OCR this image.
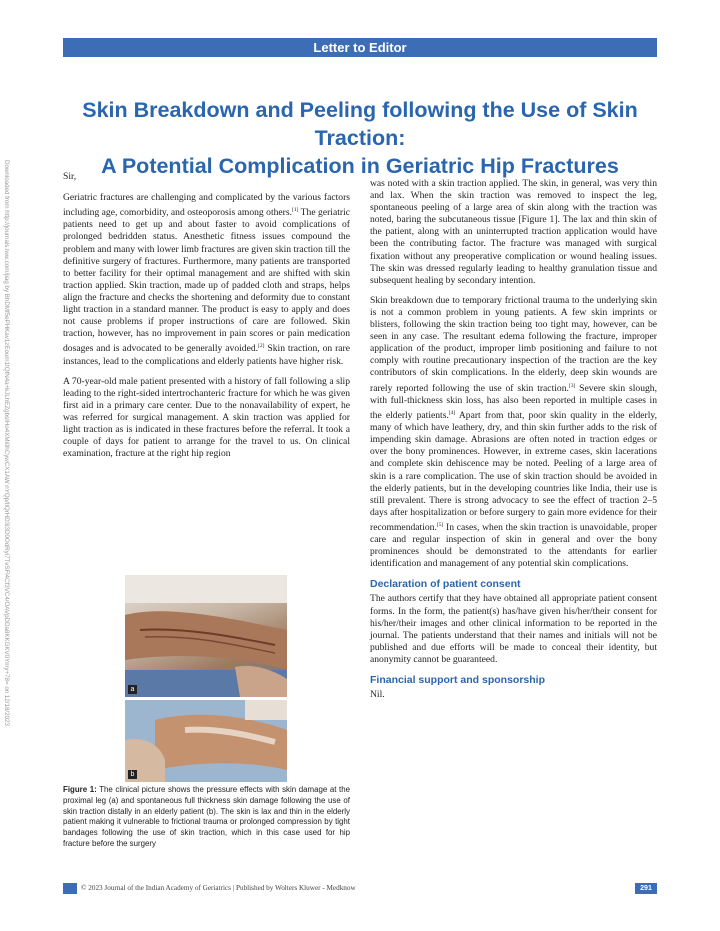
Letter to Editor
Skin Breakdown and Peeling following the Use of Skin Traction:
A Potential Complication in Geriatric Hip Fractures
Downloaded from http://journals.lww.com/jiag by BhDMf5ePHKav1zEoum1tQfN4a+kJLhEZgbsIHo4XMi0hCywCX1AW nYQp/IlQrHD3i3D0OdRyi7TvSFl4Cf3VC4/OAVpDDa8KKGKV0Ymy+78= on 12/18/2023	Sir,

Geriatric fractures are challenging and complicated by the various factors including age, comorbidity, and osteoporosis among others.[1] The geriatric patients need to get up and about faster to avoid complications of prolonged bedridden status. Anesthetic fitness issues compound the problem and many with lower limb fractures are given skin traction till the definitive surgery of fractures. Furthermore, many patients are transported to better facility for their optimal management and are shifted with skin traction applied. Skin traction, made up of padded cloth and straps, helps align the fracture and checks the shortening and deformity due to constant light traction in a standard manner. The product is easy to apply and does not cause problems if proper instructions of care are followed. Skin traction, however, has no improvement in pain scores or pain medication dosages and is advocated to be generally avoided.[2] Skin traction, on rare instances, lead to the complications and elderly patients have higher risk.

A 70-year-old male patient presented with a history of fall following a slip leading to the right-sided intertrochanteric fracture for which he was given first aid in a primary care center. Due to the nonavailability of expert, he was referred for surgical management. A skin traction was applied for light traction as is indicated in these fractures before the referral. It took a couple of days for patient to arrange for the travel to us. On clinical examination, fracture at the right hip region

a
b

Figure 1: The clinical picture shows the pressure effects with skin damage at the proximal leg (a) and spontaneous full thickness skin damage following the use of skin traction distally in an elderly patient (b). The skin is lax and thin in the elderly patient making it vulnerable to frictional trauma or prolonged compression by tight bandages following the use of skin traction, which in this case used for hip fracture before the surgery

was noted with a skin traction applied. The skin, in general, was very thin and lax. When the skin traction was removed to inspect the leg, spontaneous peeling of a large area of skin along with the traction was noted, baring the subcutaneous tissue [Figure 1]. The lax and thin skin of the patient, along with an uninterrupted traction application would have been the contributing factor. The fracture was managed with surgical fixation without any preoperative complication or wound healing issues. The skin was dressed regularly leading to healthy granulation tissue and subsequent healing by secondary intention.

Skin breakdown due to temporary frictional trauma to the underlying skin is not a common problem in young patients. A few skin imprints or blisters, following the skin traction being too tight may, however, can be seen in any case. The resultant edema following the fracture, improper application of the product, improper limb positioning and failure to not comply with routine precautionary inspection of the traction are the key contributors of skin complications. In the elderly, deep skin wounds are rarely reported following the use of skin traction.[3] Severe skin slough, with full-thickness skin loss, has also been reported in multiple cases in the elderly patients.[4] Apart from that, poor skin quality in the elderly, many of which have leathery, dry, and thin skin further adds to the risk of impending skin damage. Abrasions are often noted in traction edges or over the bony prominences. However, in extreme cases, skin lacerations and complete skin dehiscence may be noted. Peeling of a large area of skin is a rare complication. The use of skin traction should be avoided in the elderly patients, but in the developing countries like India, their use is still prevalent. There is strong advocacy to see the effect of traction 2–5 days after hospitalization or before surgery to gain more evidence for their recommendation.[5] In cases, when the skin traction is unavoidable, proper care and regular inspection of skin in general and over the bony prominences should be demonstrated to the attendants for earlier identification and management of any potential skin complications.

Declaration of patient consent

The authors certify that they have obtained all appropriate patient consent forms. In the form, the patient(s) has/have given his/her/their consent for his/her/their images and other clinical information to be reported in the journal. The patients understand that their names and initials will not be published and due efforts will be made to conceal their identity, but anonymity cannot be guaranteed.

Financial support and sponsorship

Nil.

© 2023 Journal of the Indian Academy of Geriatrics | Published by Wolters Kluwer - Medknow	291
